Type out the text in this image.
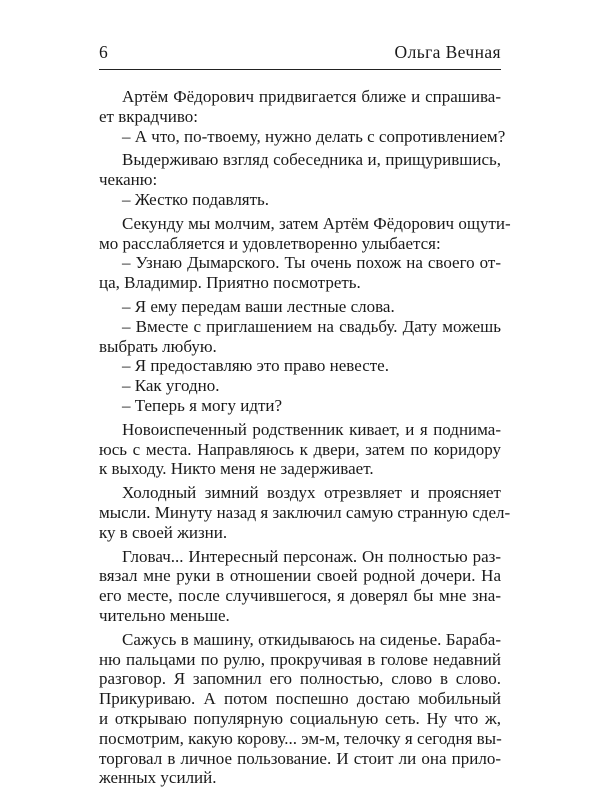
6	Ольга Вечная
Артём Фёдорович придвигается ближе и спрашива-
ет вкрадчиво:
– А что, по-твоему, нужно делать с сопротивлением?
Выдерживаю взгляд собеседника и, прищурившись,
чеканю:
– Жестко подавлять.
Секунду мы молчим, затем Артём Фёдорович ощути-
мо расслабляется и удовлетворенно улыбается:
– Узнаю Дымарского. Ты очень похож на своего от-
ца, Владимир. Приятно посмотреть.
– Я ему передам ваши лестные слова.
– Вместе с приглашением на свадьбу. Дату можешь
выбрать любую.
– Я предоставляю это право невесте.
– Как угодно.
– Теперь я могу идти?
Новоиспеченный родственник кивает, и я поднима-
юсь с места. Направляюсь к двери, затем по коридору
к выходу. Никто меня не задерживает.
Холодный зимний воздух отрезвляет и проясняет
мысли. Минуту назад я заключил самую странную сдел-
ку в своей жизни.
Гловач... Интересный персонаж. Он полностью раз-
вязал мне руки в отношении своей родной дочери. На
его месте, после случившегося, я доверял бы мне зна-
чительно меньше.
Сажусь в машину, откидываюсь на сиденье. Бараба-
ню пальцами по рулю, прокручивая в голове недавний
разговор. Я запомнил его полностью, слово в слово.
Прикуриваю. А потом поспешно достаю мобильный
и открываю популярную социальную сеть. Ну что ж,
посмотрим, какую корову... эм-м, телочку я сегодня вы-
торговал в личное пользование. И стоит ли она прило-
женных усилий.
